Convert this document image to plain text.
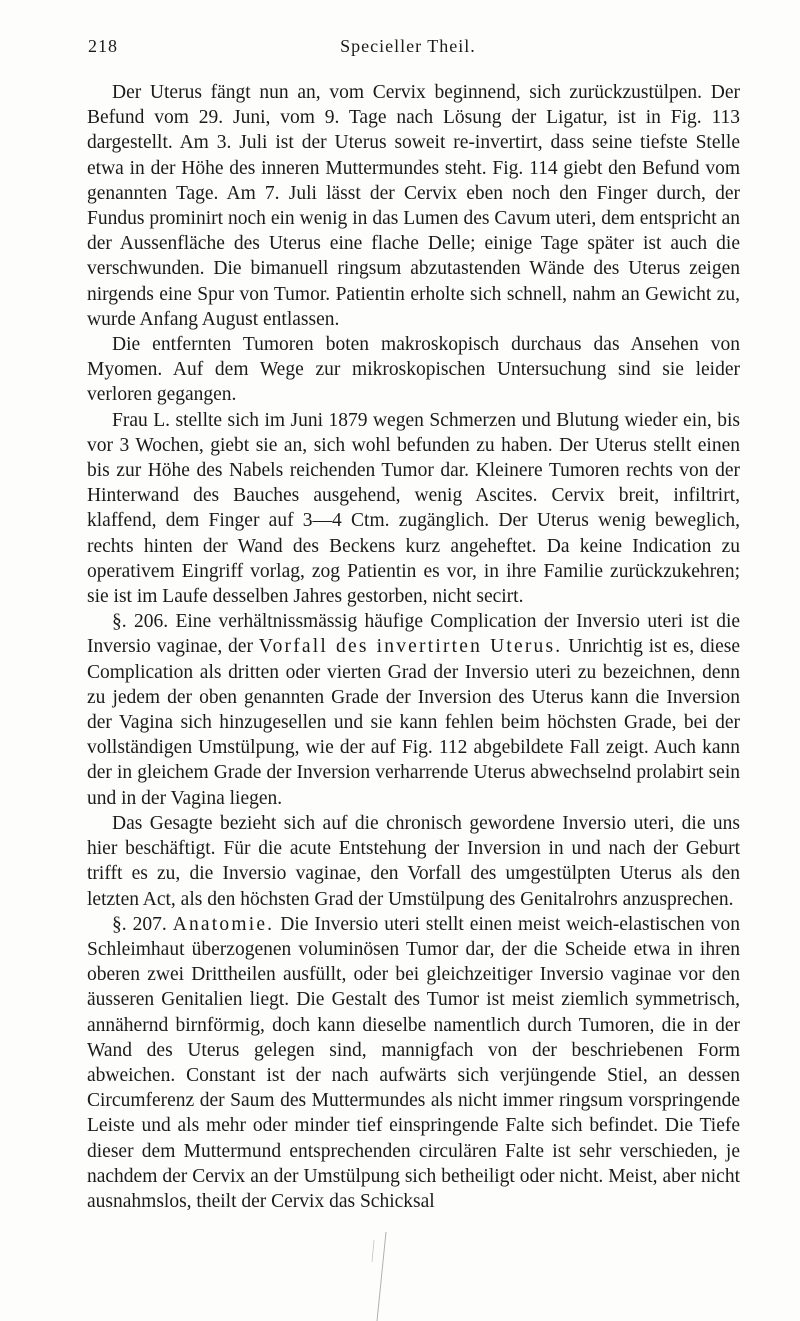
218	Specieller Theil.

Der Uterus fängt nun an, vom Cervix beginnend, sich zurückzustülpen. Der Befund vom 29. Juni, vom 9. Tage nach Lösung der Ligatur, ist in Fig. 113 dargestellt. Am 3. Juli ist der Uterus soweit re-invertirt, dass seine tiefste Stelle etwa in der Höhe des inneren Muttermundes steht. Fig. 114 giebt den Befund vom genannten Tage. Am 7. Juli lässt der Cervix eben noch den Finger durch, der Fundus prominirt noch ein wenig in das Lumen des Cavum uteri, dem entspricht an der Aussenfläche des Uterus eine flache Delle; einige Tage später ist auch die verschwunden. Die bimanuell ringsum abzutastenden Wände des Uterus zeigen nirgends eine Spur von Tumor. Patientin erholte sich schnell, nahm an Gewicht zu, wurde Anfang August entlassen.

Die entfernten Tumoren boten makroskopisch durchaus das Ansehen von Myomen. Auf dem Wege zur mikroskopischen Untersuchung sind sie leider verloren gegangen.

Frau L. stellte sich im Juni 1879 wegen Schmerzen und Blutung wieder ein, bis vor 3 Wochen, giebt sie an, sich wohl befunden zu haben. Der Uterus stellt einen bis zur Höhe des Nabels reichenden Tumor dar. Kleinere Tumoren rechts von der Hinterwand des Bauches ausgehend, wenig Ascites. Cervix breit, infiltrirt, klaffend, dem Finger auf 3—4 Ctm. zugänglich. Der Uterus wenig beweglich, rechts hinten der Wand des Beckens kurz angeheftet. Da keine Indication zu operativem Eingriff vorlag, zog Patientin es vor, in ihre Familie zurückzukehren; sie ist im Laufe desselben Jahres gestorben, nicht secirt.

§. 206. Eine verhältnissmässig häufige Complication der Inversio uteri ist die Inversio vaginae, der Vorfall des invertirten Uterus. Unrichtig ist es, diese Complication als dritten oder vierten Grad der Inversio uteri zu bezeichnen, denn zu jedem der oben genannten Grade der Inversion des Uterus kann die Inversion der Vagina sich hinzugesellen und sie kann fehlen beim höchsten Grade, bei der vollständigen Umstülpung, wie der auf Fig. 112 abgebildete Fall zeigt. Auch kann der in gleichem Grade der Inversion verharrende Uterus abwechselnd prolabirt sein und in der Vagina liegen.

Das Gesagte bezieht sich auf die chronisch gewordene Inversio uteri, die uns hier beschäftigt. Für die acute Entstehung der Inversion in und nach der Geburt trifft es zu, die Inversio vaginae, den Vorfall des umgestülpten Uterus als den letzten Act, als den höchsten Grad der Umstülpung des Genitalrohrs anzusprechen.

§. 207. Anatomie. Die Inversio uteri stellt einen meist weich-elastischen von Schleimhaut überzogenen voluminösen Tumor dar, der die Scheide etwa in ihren oberen zwei Drittheilen ausfüllt, oder bei gleichzeitiger Inversio vaginae vor den äusseren Genitalien liegt. Die Gestalt des Tumor ist meist ziemlich symmetrisch, annähernd birnförmig, doch kann dieselbe namentlich durch Tumoren, die in der Wand des Uterus gelegen sind, mannigfach von der beschriebenen Form abweichen. Constant ist der nach aufwärts sich verjüngende Stiel, an dessen Circumferenz der Saum des Muttermundes als nicht immer ringsum vorspringende Leiste und als mehr oder minder tief einspringende Falte sich befindet. Die Tiefe dieser dem Muttermund entsprechenden circulären Falte ist sehr verschieden, je nachdem der Cervix an der Umstülpung sich betheiligt oder nicht. Meist, aber nicht ausnahmslos, theilt der Cervix das Schicksal
